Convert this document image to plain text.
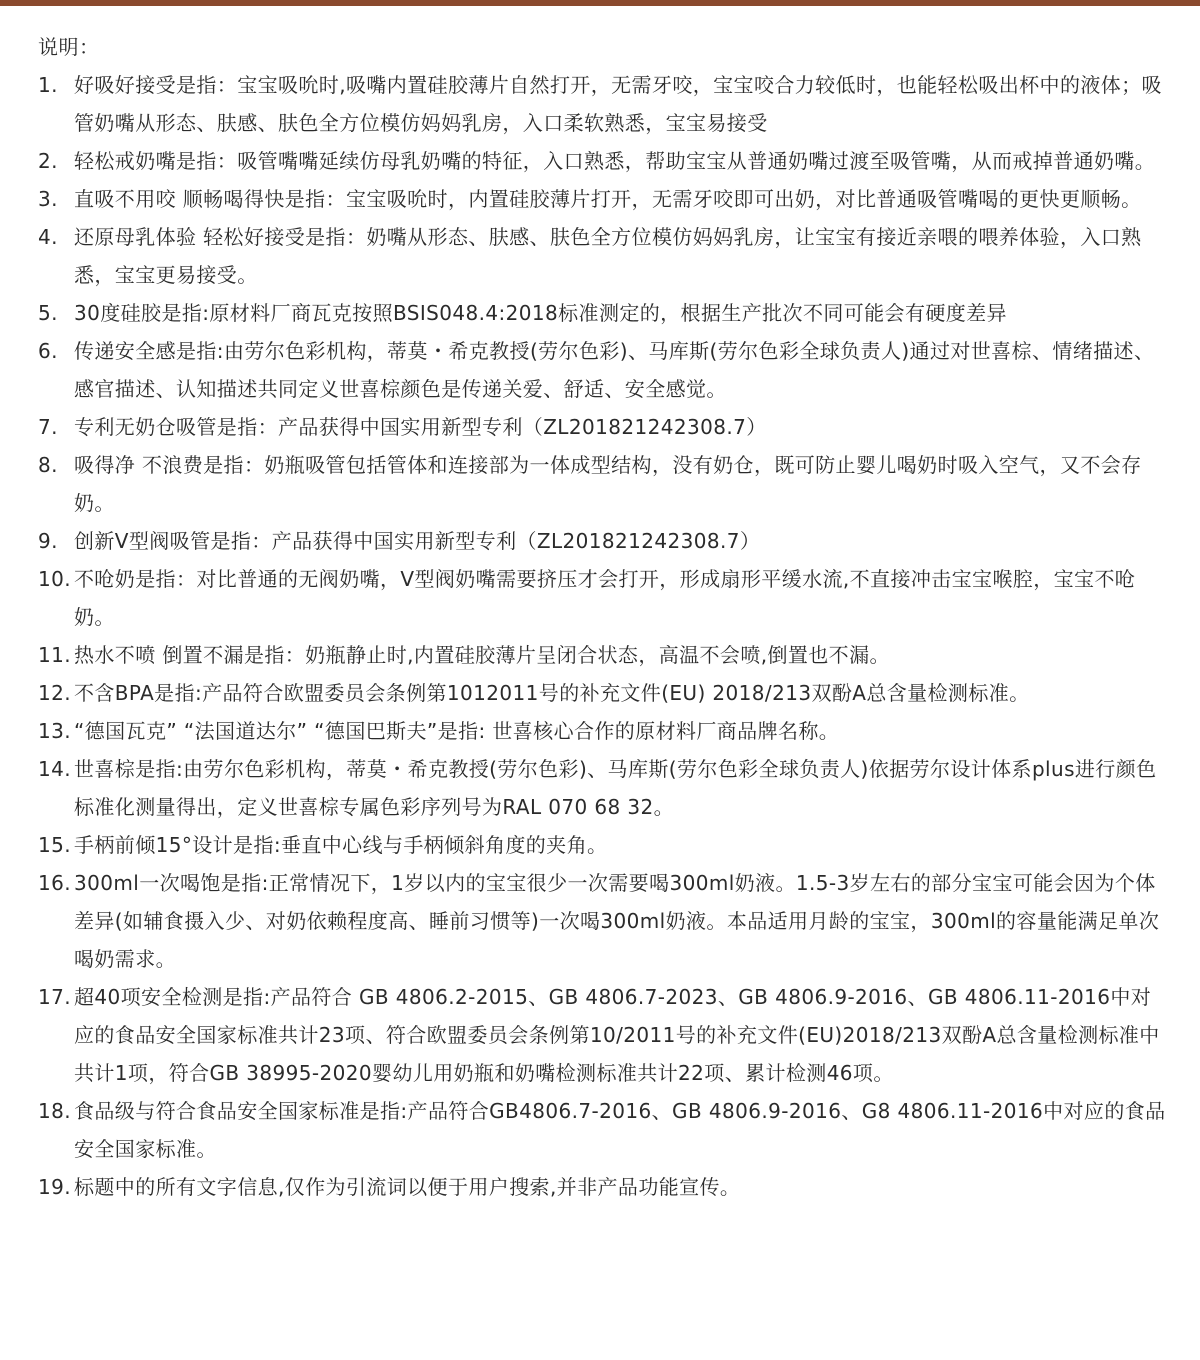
说明：

1. 好吸好接受是指：宝宝吸吮时,吸嘴内置硅胶薄片自然打开，无需牙咬，宝宝咬合力较低时，也能轻松吸出杯中的液体；吸管奶嘴从形态、肤感、肤色全方位模仿妈妈乳房，入口柔软熟悉，宝宝易接受
2. 轻松戒奶嘴是指：吸管嘴嘴延续仿母乳奶嘴的特征，入口熟悉，帮助宝宝从普通奶嘴过渡至吸管嘴，从而戒掉普通奶嘴。
3. 直吸不用咬 顺畅喝得快是指：宝宝吸吮时，内置硅胶薄片打开，无需牙咬即可出奶，对比普通吸管嘴喝的更快更顺畅。
4. 还原母乳体验 轻松好接受是指：奶嘴从形态、肤感、肤色全方位模仿妈妈乳房，让宝宝有接近亲喂的喂养体验，入口熟悉，宝宝更易接受。
5. 30度硅胶是指:原材料厂商瓦克按照BSIS048.4:2018标准测定的，根据生产批次不同可能会有硬度差异
6. 传递安全感是指:由劳尔色彩机构，蒂莫・希克教授(劳尔色彩)、马库斯(劳尔色彩全球负责人)通过对世喜棕、情绪描述、感官描述、认知描述共同定义世喜棕颜色是传递关爱、舒适、安全感觉。
7. 专利无奶仓吸管是指：产品获得中国实用新型专利（ZL201821242308.7）
8. 吸得净 不浪费是指：奶瓶吸管包括管体和连接部为一体成型结构，没有奶仓，既可防止婴儿喝奶时吸入空气，又不会存奶。
9. 创新V型阀吸管是指：产品获得中国实用新型专利（ZL201821242308.7）
10. 不呛奶是指：对比普通的无阀奶嘴，V型阀奶嘴需要挤压才会打开，形成扇形平缓水流,不直接冲击宝宝喉腔，宝宝不呛奶。
11. 热水不喷 倒置不漏是指：奶瓶静止时,内置硅胶薄片呈闭合状态，高温不会喷,倒置也不漏。
12. 不含BPA是指:产品符合欧盟委员会条例第1012011号的补充文件(EU) 2018/213双酚A总含量检测标准。
13. “德国瓦克” “法国道达尔” “德国巴斯夫”是指: 世喜核心合作的原材料厂商品牌名称。
14. 世喜棕是指:由劳尔色彩机构，蒂莫・希克教授(劳尔色彩)、马库斯(劳尔色彩全球负责人)依据劳尔设计体系plus进行颜色标准化测量得出，定义世喜棕专属色彩序列号为RAL 070 68 32。
15. 手柄前倾15°设计是指:垂直中心线与手柄倾斜角度的夹角。
16. 300ml一次喝饱是指:正常情况下，1岁以内的宝宝很少一次需要喝300ml奶液。1.5-3岁左右的部分宝宝可能会因为个体差异(如辅食摄入少、对奶依赖程度高、睡前习惯等)一次喝300ml奶液。本品适用月龄的宝宝，300ml的容量能满足单次喝奶需求。
17. 超40项安全检测是指:产品符合 GB 4806.2-2015、GB 4806.7-2023、GB 4806.9-2016、GB 4806.11-2016中对应的食品安全国家标准共计23项、符合欧盟委员会条例第10/2011号的补充文件(EU)2018/213双酚A总含量检测标准中共计1项，符合GB 38995-2020婴幼儿用奶瓶和奶嘴检测标准共计22项、累计检测46项。
18. 食品级与符合食品安全国家标准是指:产品符合GB4806.7-2016、GB 4806.9-2016、G8 4806.11-2016中对应的食品安全国家标准。
19. 标题中的所有文字信息,仅作为引流词以便于用户搜索,并非产品功能宣传。
